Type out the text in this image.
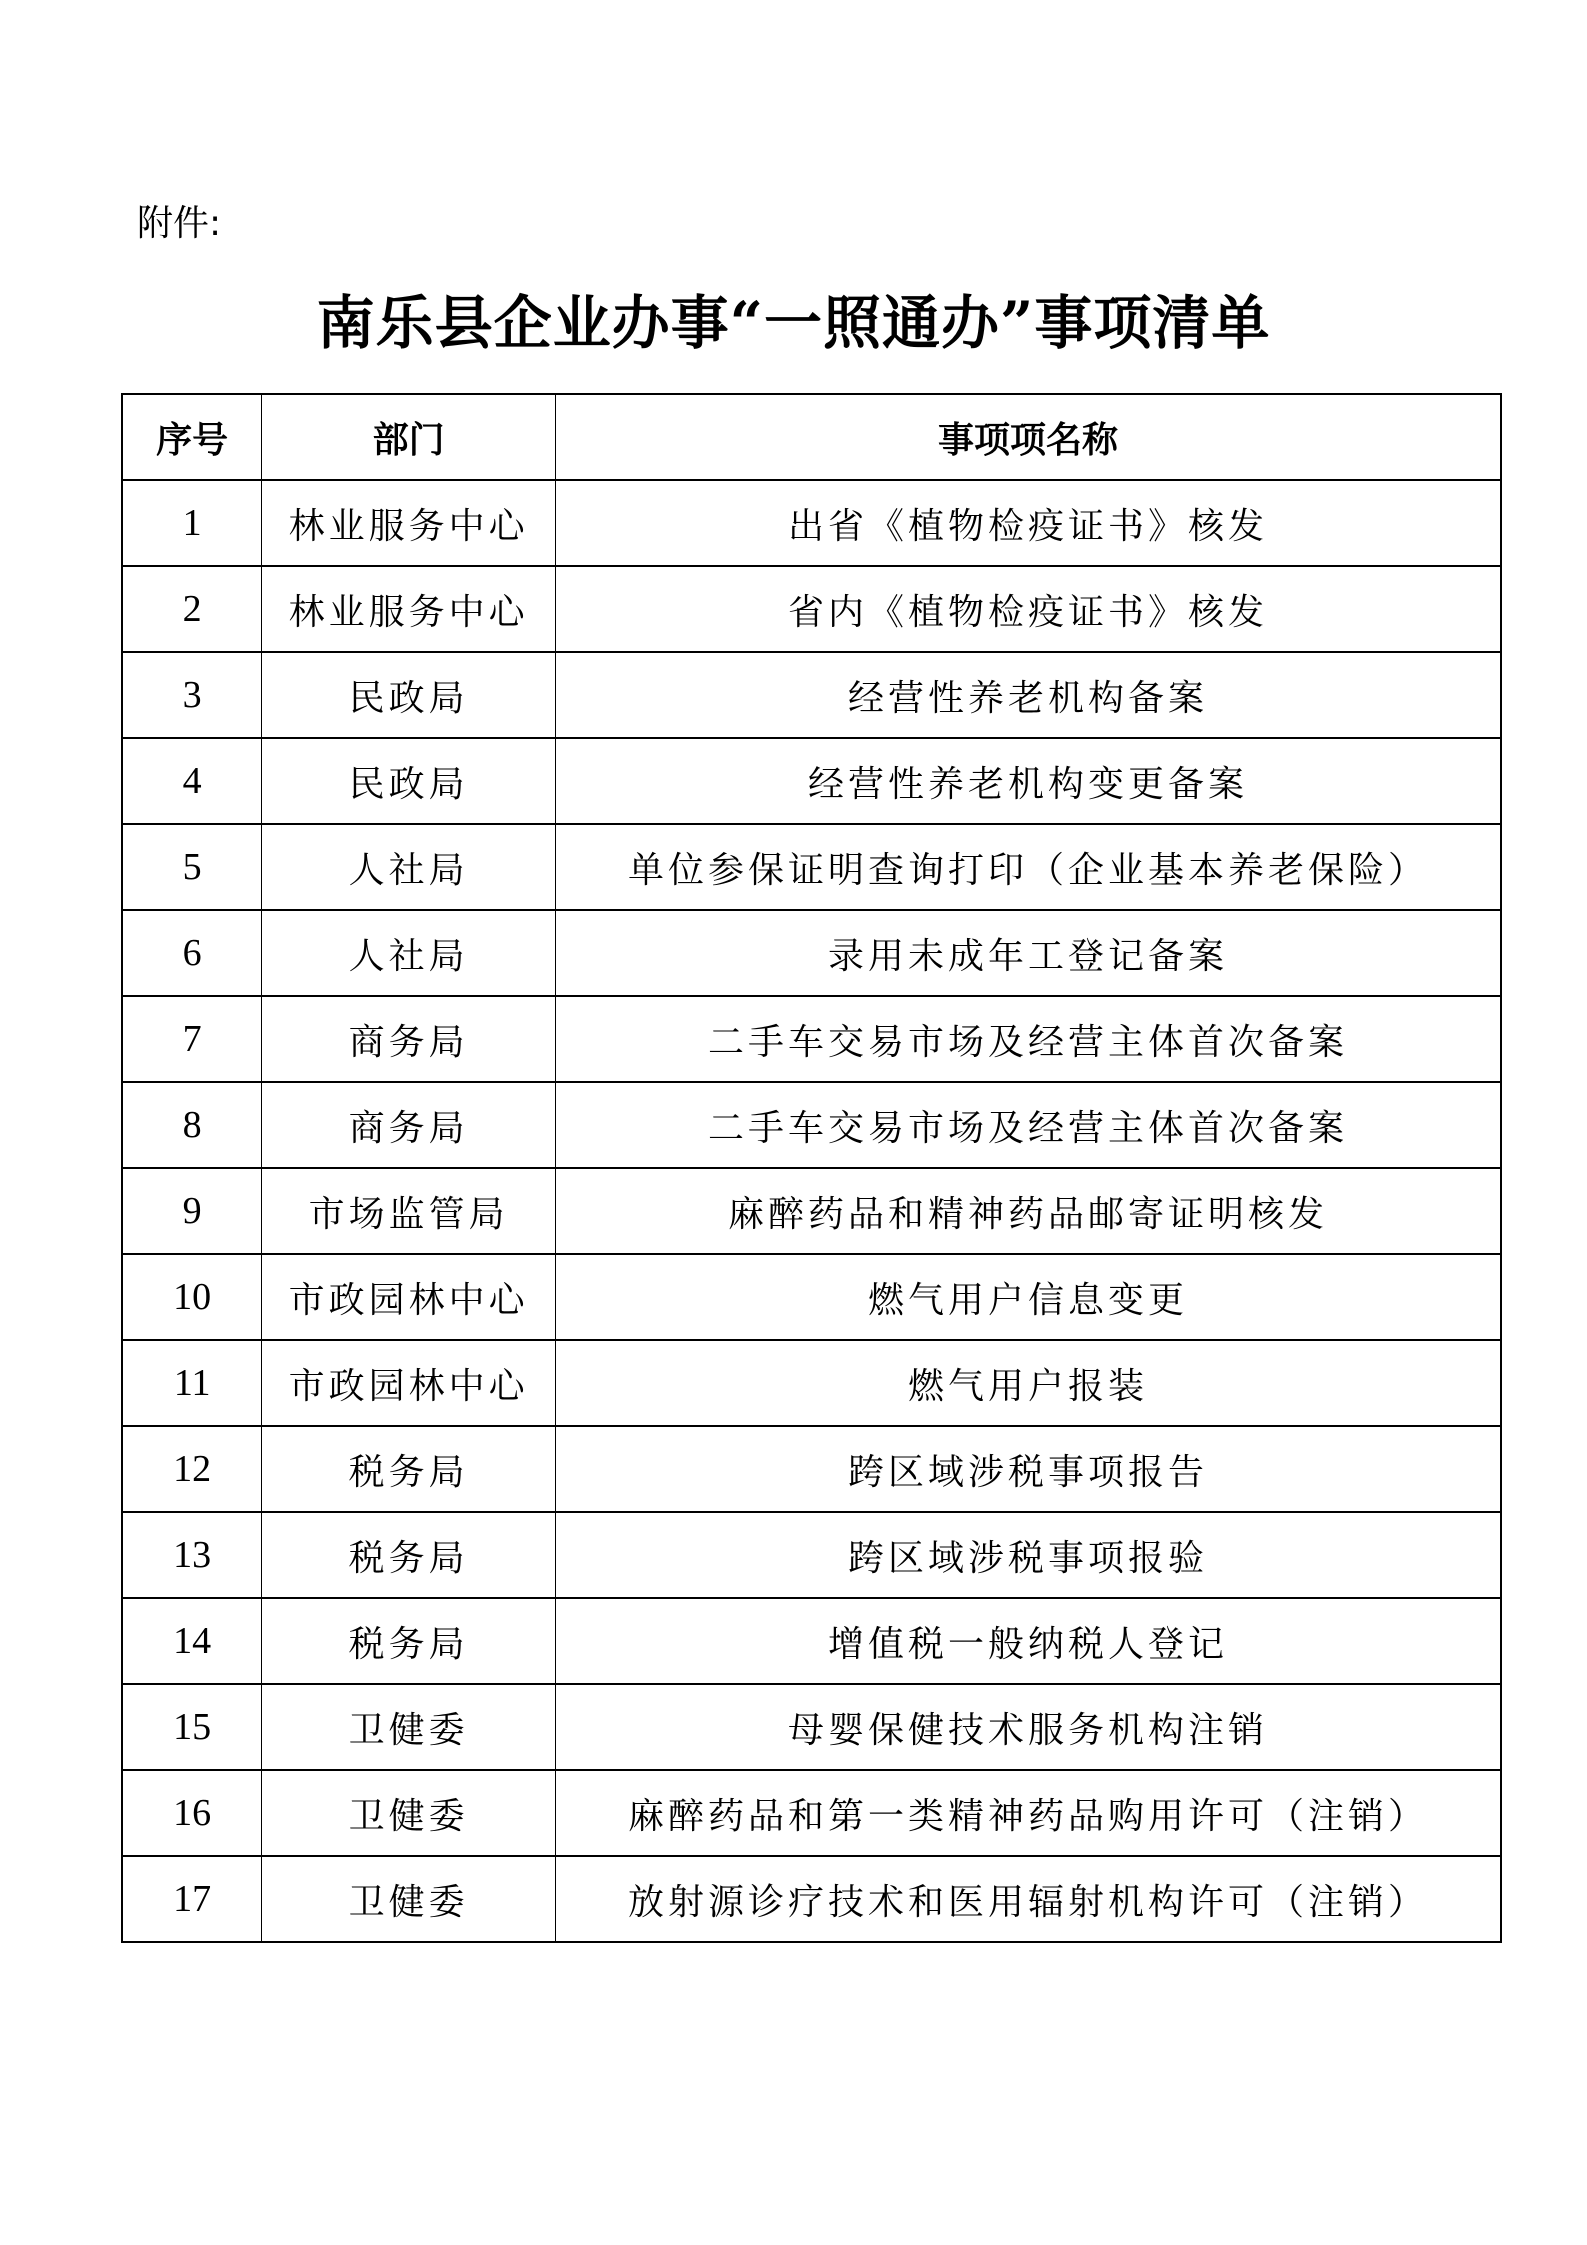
附件:
南乐县企业办事“一照通办”事项清单
序号	部门	事项项名称
1	林业服务中心	出省《植物检疫证书》核发
2	林业服务中心	省内《植物检疫证书》核发
3	民政局	经营性养老机构备案
4	民政局	经营性养老机构变更备案
5	人社局	单位参保证明查询打印（企业基本养老保险）
6	人社局	录用未成年工登记备案
7	商务局	二手车交易市场及经营主体首次备案
8	商务局	二手车交易市场及经营主体首次备案
9	市场监管局	麻醉药品和精神药品邮寄证明核发
10	市政园林中心	燃气用户信息变更
11	市政园林中心	燃气用户报装
12	税务局	跨区域涉税事项报告
13	税务局	跨区域涉税事项报验
14	税务局	增值税一般纳税人登记
15	卫健委	母婴保健技术服务机构注销
16	卫健委	麻醉药品和第一类精神药品购用许可（注销）
17	卫健委	放射源诊疗技术和医用辐射机构许可（注销）
